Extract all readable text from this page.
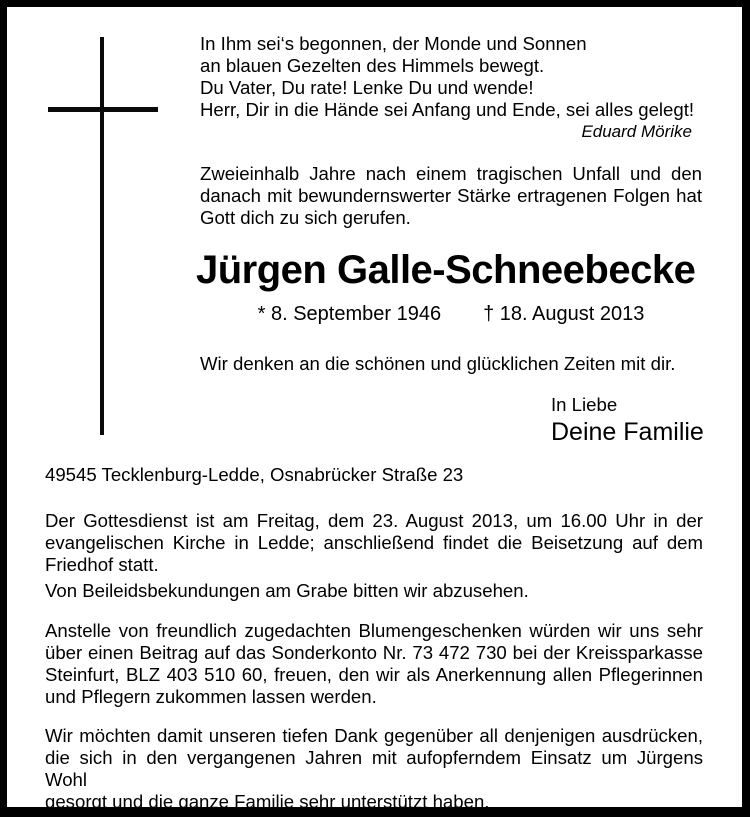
In Ihm sei‘s begonnen, der Monde und Sonnen
an blauen Gezelten des Himmels bewegt.
Du Vater, Du rate! Lenke Du und wende!
Herr, Dir in die Hände sei Anfang und Ende, sei alles gelegt!
Eduard Mörike
Zweieinhalb Jahre nach einem tragischen Unfall und den
danach mit bewundernswerter Stärke ertragenen Folgen hat
Gott dich zu sich gerufen.
Jürgen Galle-Schneebecke
* 8. September 1946 † 18. August 2013
Wir denken an die schönen und glücklichen Zeiten mit dir.
In Liebe
Deine Familie
49545 Tecklenburg-Ledde, Osnabrücker Straße 23
Der Gottesdienst ist am Freitag, dem 23. August 2013, um 16.00 Uhr in der
evangelischen Kirche in Ledde; anschließend findet die Beisetzung auf dem
Friedhof statt.
Von Beileidsbekundungen am Grabe bitten wir abzusehen.
Anstelle von freundlich zugedachten Blumengeschenken würden wir uns sehr
über einen Beitrag auf das Sonderkonto Nr. 73 472 730 bei der Kreissparkasse
Steinfurt, BLZ 403 510 60, freuen, den wir als Anerkennung allen Pflegerinnen
und Pflegern zukommen lassen werden.
Wir möchten damit unseren tiefen Dank gegenüber all denjenigen ausdrücken,
die sich in den vergangenen Jahren mit aufopferndem Einsatz um Jürgens Wohl
gesorgt und die ganze Familie sehr unterstützt haben.
